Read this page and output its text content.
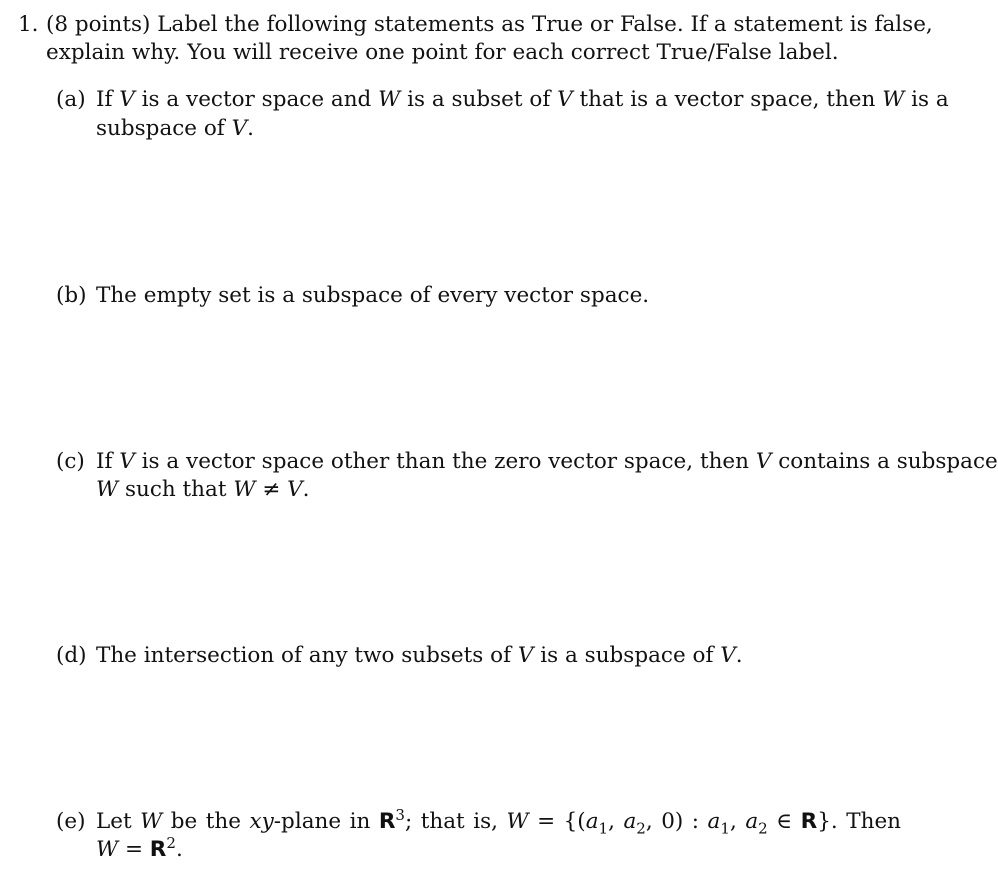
1. (8 points) Label the following statements as True or False. If a statement is false,
explain why. You will receive one point for each correct True/False label.
(a) If V is a vector space and W is a subset of V that is a vector space, then W is a
subspace of V.
(b) The empty set is a subspace of every vector space.
(c) If V is a vector space other than the zero vector space, then V contains a subspace
W such that W ≠ V.
(d) The intersection of any two subsets of V is a subspace of V.
(e) Let W be the xy-plane in $R^3$; that is, $W = \{(a_1$, $a_2$, 0) : $a_1$, $a_2$ ∈ R}. Then
$W = R^2$.
